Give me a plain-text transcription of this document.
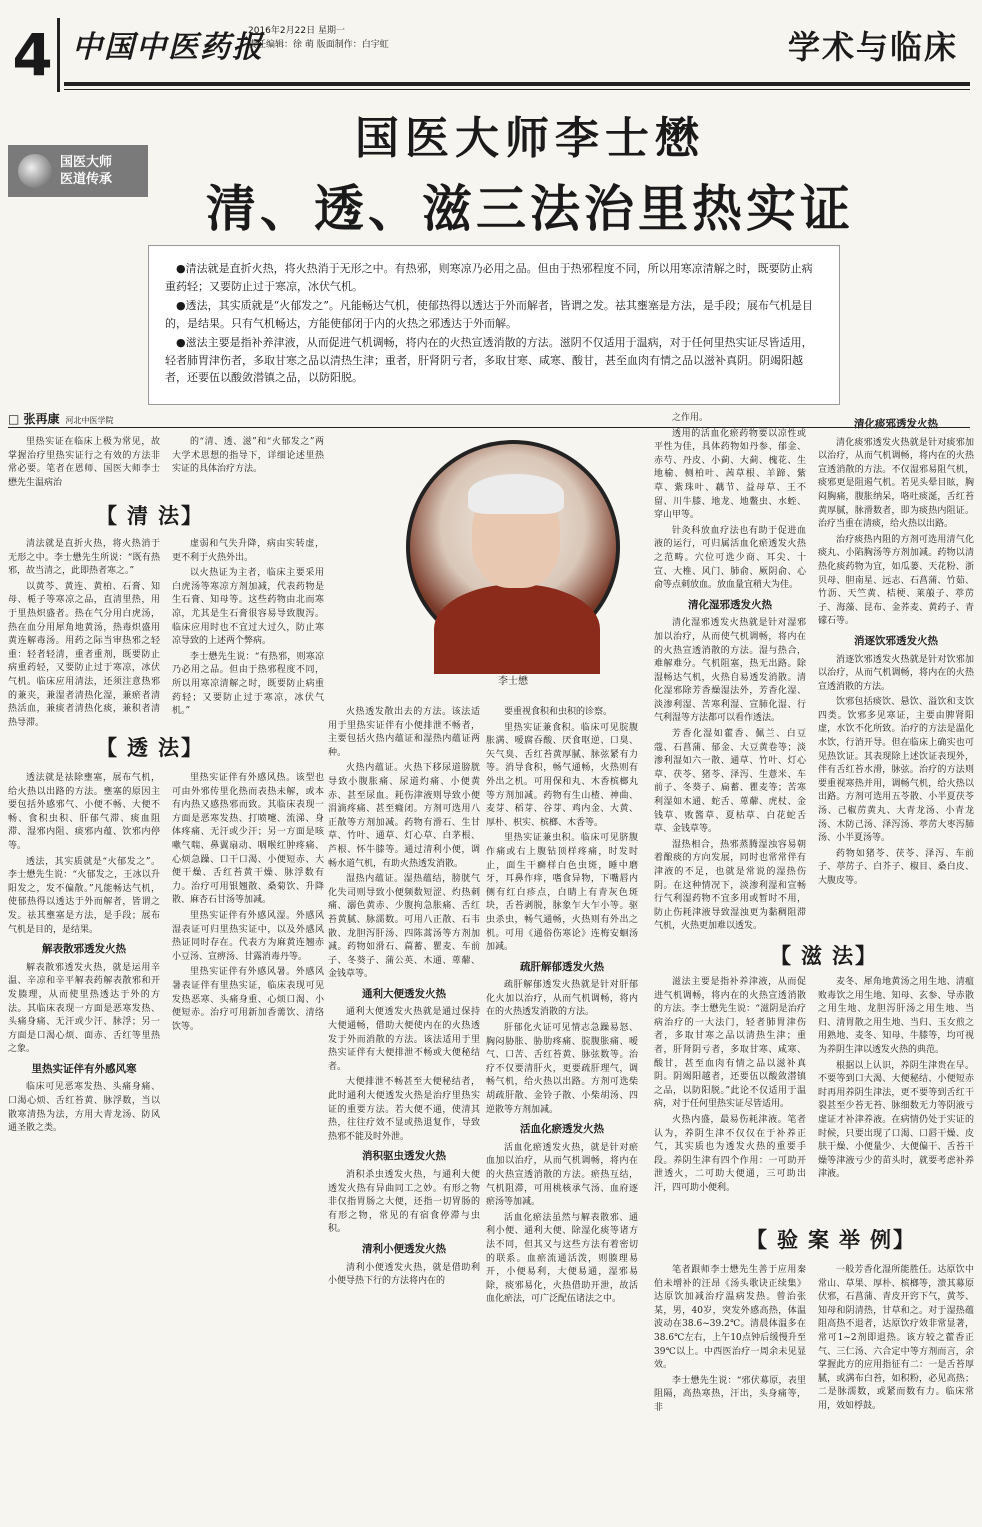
4 中国中医药报
2016年2月22日 星期一
责任编辑：徐 萌 版面制作：白宇虹	学术与临床
国医大师
医道传承
国医大师李士懋
清、透、滋三法治里热实证

●清法就是直折火热，将火热消于无形之中。有热邪，则寒凉乃必用之品。但由于热邪程度不同，所以用寒凉清解之时，既要防止病重药轻；又要防止过于寒凉，冰伏气机。

●透法，其实质就是“火郁发之”。凡能畅达气机，使郁热得以透达于外而解者，皆谓之发。祛其壅塞是方法，是手段；展布气机是目的，是结果。只有气机畅达，方能使郁闭于内的火热之邪透达于外而解。

●滋法主要是指补养津液，从而促进气机调畅，将内在的火热宣透消散的方法。滋阴不仅适用于温病，对于任何里热实证尽皆适用，轻者肺胃津伤者，多取甘寒之品以清热生津；重者，肝肾阴亏者，多取甘寒、咸寒、酸甘，甚至血肉有情之品以滋补真阴。阴竭阳越者，还要伍以酸敛潜镇之品，以防阳脱。

□ 张再康 河北中医学院

里热实证在临床上极为常见，故掌握治疗里热实证行之有效的方法非常必要。笔者在恩师、国医大师李士懋先生温病治

【 清法 】

清法就是直折火热，将火热消于无形之中。李士懋先生所说：“既有热邪，故当清之，此即热者寒之。”

以黄芩、黄连、黄柏、石膏、知母、栀子等寒凉之品，直清里热，用于里热炽盛者。热在气分用白虎汤，热在血分用犀角地黄汤，热毒炽盛用黄连解毒汤。用药之际当审热邪之轻重：轻者轻清，重者重剂，既要防止病重药轻，又要防止过于寒凉，冰伏气机。临床应用清法，还须注意热邪的兼夹，兼湿者清热化湿，兼瘀者清热活血，兼痰者清热化痰，兼积者清热导滞。

【 透法 】

透法就是祛除壅塞，展布气机，给火热以出路的方法。壅塞的原因主要包括外感邪气、小便不畅、大便不畅、食积虫积、肝郁气滞、痰血阻滞、湿邪内阻、痰邪内蕴、饮邪内停等。

透法，其实质就是“火郁发之”。李士懋先生说：“火郁发之，王冰以升阳发之，发不偏散。”凡能畅达气机，使郁热得以透达于外而解者，皆谓之发。祛其壅塞是方法，是手段；展布气机是目的，是结果。

解表散邪透发火热

解表散邪透发火热，就是运用辛温、辛凉和辛平解表药解表散邪和开发腠理，从而使里热透达于外的方法。其临床表现一方面是恶寒发热、头痛身痛、无汗或少汗、脉浮；另一方面是口渴心烦、面赤、舌红等里热之象。

里热实证伴有外感风寒

临床可见恶寒发热、头痛身痛、口渴心烦、舌红苔黄、脉浮数，当以散寒清热为法，方用大青龙汤、防风通圣散之类。

的“清、透、滋”和“火郁发之”两大学术思想的指导下，详细论述里热实证的具体治疗方法。

虚弱和气失升降，病由实转虚，更不利于火热外出。

以火热证为主者，临床主要采用白虎汤等寒凉方剂加减，代表药物是生石膏、知母等。这些药物由北而寒凉，尤其是生石膏很容易导致腹泻。临床应用时也不宜过大过久，防止寒凉导致的上述两个弊病。

李士懋先生说：“有热邪，则寒凉乃必用之品。但由于热邪程度不同，所以用寒凉清解之时，既要防止病重药轻；又要防止过于寒凉，冰伏气机。”

里热实证伴有外感风热。该型也可由外邪传里化热而表热未解，或本有内热又感热邪而致。其临床表现一方面是恶寒发热、打喷嚏、流涕、身体疼痛、无汗或少汗；另一方面是咳嗽气喘、鼻翼扇动、咽喉红肿疼痛、心烦急躁、口干口渴、小便短赤、大便干燥、舌红苔黄干燥、脉浮数有力。治疗可用银翘散、桑菊饮、升降散、麻杏石甘汤等加减。

里热实证伴有外感风湿。外感风湿表证可归里热实证中，以及外感风热证同时存在。代表方为麻黄连翘赤小豆汤、宣痹汤、甘露消毒丹等。

里热实证伴有外感风暑。外感风暑表证伴有里热实证，临床表现可见发热恶寒、头痛身重、心烦口渴、小便短赤。治疗可用新加香薷饮、清络饮等。

李士懋

火热透发散出去的方法。该法适用于里热实证伴有小便排泄不畅者，主要包括火热内蕴证和湿热内蕴证两种。

火热内蕴证。火热下移尿道膀胱导致小腹胀痛、尿道灼痛、小便黄赤、甚至尿血。耗伤津液则导致小便涓滴疼痛、甚至癃闭。方剂可选用八正散等方剂加减。药物有滑石、生甘草、竹叶、通草、灯心草、白茅根、芦根、怀牛膝等。通过清利小便，调畅水道气机，有助火热透发消散。

湿热内蕴证。湿热蕴结，膀胱气化失司则导致小便频数短涩、灼热刺痛、溺色黄赤、少腹拘急胀痛、舌红苔黄腻、脉濡数。可用八正散、石韦散、龙胆泻肝汤、四陈蒿汤等方剂加减。药物如滑石、萹蓄、瞿麦、车前子、冬葵子、蒲公英、木通、萆薢、金钱草等。

通利大便透发火热

通利大便透发火热就是通过保持大便通畅，借助大便使内在的火热透发于外而消散的方法。该法适用于里热实证伴有大便排泄不畅或大便秘结者。

大便排泄不畅甚至大便秘结者，此时通利大便透发火热是治疗里热实证的重要方法。若大便不通，使清其热，往往疗效不显或热退复作，导致热邪不能及时外泄。

消积驱虫透发火热

消积杀虫透发火热，与通利大便透发火热有异曲同工之妙。有形之物非仅指胃肠之大便，还指一切胃肠的有形之物，常见的有宿食停滞与虫积。

清利小便透发火热

清利小便透发火热，就是借助利小便导热下行的方法将内在的

要重视食积和虫积的诊察。

里热实证兼食积。临床可见脘腹胀满、嗳腐吞酸、厌食呕逆、口臭、矢气臭、舌红苔黄厚腻、脉弦紧有力等。消导食积，畅气通畅，火热则有外出之机。可用保和丸、木香槟榔丸等方剂加减。药物有生山楂、神曲、麦芽、稻芽、谷芽、鸡内金、大黄、厚朴、枳实、槟榔、木香等。

里热实证兼虫积。临床可见脐腹作痛或右上腹钻顶样疼痛，时发时止，面生干癣样白色虫斑，睡中磨牙，耳鼻作痒，嗜食异物，下嘴唇内侧有红白疹点，白睛上有青灰色斑块，舌苔剥脱，脉象乍大乍小等。驱虫杀虫，畅气通畅，火热则有外出之机。可用《通俗伤寒论》连梅安蛔汤加减。

疏肝解郁透发火热

疏肝解郁透发火热就是针对肝郁化火加以治疗，从而气机调畅，将内在的火热透发消散的方法。

肝郁化火证可见情志急躁易怒、胸闷胁胀、胁肋疼痛、脘腹胀痛、嗳气、口苦、舌红苔黄、脉弦数等。治疗不仅要清肝火，更要疏肝理气，调畅气机，给火热以出路。方剂可选柴胡疏肝散、金铃子散、小柴胡汤、四逆散等方剂加减。

活血化瘀透发火热

活血化瘀透发火热，就是针对瘀血加以治疗，从而气机调畅，将内在的火热宣透消散的方法。瘀热互结，气机阻滞，可用桃核承气汤、血府逐瘀汤等加减。

活血化瘀法虽然与解表散邪、通利小便、通利大便、除湿化痰等诸方法不同，但其又与这些方法有着密切的联系。血瘀流通活泼，则腠理易开，小便易利，大便易通，湿邪易除，痰邪易化，火热借助开泄，故活血化瘀法，可广泛配伍诸法之中。

之作用。

透用的活血化瘀药物要以凉性或平性为佳，具体药物如丹参、郁金、赤芍、丹皮、小蓟、大蓟、槐花、生地榆、侧柏叶、茜草根、羊蹄、紫草、紫珠叶、藕节、益母草、王不留、川牛膝、地龙、地鳖虫、水蛭、穿山甲等。

针灸科放血疗法也有助于促进血液的运行，可归属活血化瘀透发火热之范畴。穴位可选少商、耳尖、十宣、大椎、风门、肺俞、厥阴俞、心俞等点刺放血。放血量宜稍大为佳。

清化湿邪透发火热

清化湿邪透发火热就是针对湿邪加以治疗，从而使气机调畅，将内在的火热宣透消散的方法。湿与热合，难解难分。气机阻塞，热无出路。除湿畅达气机，火热自易透发消散。清化湿邪除芳香燥湿法外，芳香化湿、淡渗利湿、苦寒利湿、宣肺化湿、行气利湿等方法都可以看作透法。

芳香化湿如藿香、佩兰、白豆蔻、石菖蒲、郁金、大豆黄卷等；淡渗利湿如六一散、通草、竹叶、灯心草、茯苓、猪苓、泽泻、生薏米、车前子、冬葵子、扁蓄、瞿麦等；苦寒利湿如木通、蛇舌、萆薢、虎杖、金钱草、败酱草、夏枯草、白花蛇舌草、金钱草等。

湿热相合，热邪蒸腾湿浊容易朝着酿痰的方向发展，同时也常常伴有津液的不足，也就是常说的湿热伤阴。在这种情况下，淡渗利湿和宣畅行气利湿药物不宜多用或暂时不用，防止伤耗津液导致湿浊更为黏稠阻滞气机，火热更加难以透发。

清化痰邪透发火热

清化痰邪透发火热就是针对痰邪加以治疗，从而气机调畅，将内在的火热宣透消散的方法。不仅湿邪易阻气机，痰邪更是阻遏气机。若见头晕目眩，胸闷胸痛，腹胀纳呆，咯吐痰涎，舌红苔黄厚腻，脉滑数者，即为痰热内阻证。治疗当重在清痰，给火热以出路。

治疗痰热内阻的方剂可选用清气化痰丸、小陷胸汤等方剂加减。药物以清热化痰药物为宜，如瓜蒌、天花粉、浙贝母、胆南星、远志、石菖蒲、竹茹、竹沥、天竺黄、桔梗、莱菔子、葶苈子、海藻、昆布、金荞麦、黄药子、青礞石等。

消逐饮邪透发火热

消逐饮邪透发火热就是针对饮邪加以治疗，从而气机调畅，将内在的火热宣透消散的方法。

饮邪包括痰饮、悬饮、溢饮和支饮四类。饮邪多见寒证，主要由脾肾阳虚，水饮不化所致。治疗的方法是温化水饮，行消开导。但在临床上确实也可见热饮证。其表现除上述饮证表现外，伴有舌红苔水滑，脉弦。治疗的方法则要重视寒热并用，调畅气机，给火热以出路。方剂可选用五苓散、小半夏茯苓汤、己椒苈黄丸、大青龙汤、小青龙汤、木防己汤、泽泻汤、葶苈大枣泻肺汤、小半夏汤等。

药物如猪苓、茯苓、泽泻、车前子、葶苈子、白芥子、椒目、桑白皮、大腹皮等。

【 滋法 】

滋法主要是指补养津液，从而促进气机调畅，将内在的火热宣透消散的方法。李士懋先生说：“滋阴是治疗病治疗的一大法门，轻者肺胃津伤者，多取甘寒之品以清热生津；重者，肝肾阴亏者，多取甘寒、咸寒、酸甘，甚至血肉有情之品以滋补真阴。阴竭阳越者，还要伍以酸敛潜镇之品，以防阳脱。”此论不仅适用于温病，对于任何里热实证尽皆适用。

火热内盛，最易伤耗津液。笔者认为，养阴生津不仅仅在于补养正气，其实质也为透发火热的重要手段。养阴生津有四个作用：一可助开泄透火，二可助大便通，三可助出汗，四可助小便利。

麦冬、犀角地黄汤之用生地、清瘟败毒饮之用生地、知母、玄参、导赤散之用生地、龙胆泻肝汤之用生地、当归、清胃散之用生地、当归、玉女煎之用熟地、麦冬、知母、牛膝等，均可视为养阴生津以透发火热的典范。

根据以上认识，养阴生津贵在早。不要等到口大渴、大便秘结、小便短赤时再用养阴生津法，更不要等到舌红干裂甚至少苔无苔、脉细数无力等阴液亏虚证才补津养液。在病情仍处于实证的时候，只要出现了口渴、口唇干燥、皮肤干燥、小便量少、大便偏干、舌苔干燥等津液亏少的苗头时，就要考虑补养津液。

【 验案举例 】

笔者跟师李士懋先生善于应用秦伯未增补的汪昂《汤头歌诀正续集》达原饮加减治疗温病发热。曾治张某，男，40岁，突发外感高热，体温波动在38.6~39.2℃。清晨体温多在38.6℃左右，上午10点钟后缓慢升至39℃以上。中西医治疗一周余未见显效。

李士懋先生说：“邪伏募原，表里阻隔，高热寒热，汗出，头身痛等，非

一般芳香化湿所能胜任。达原饮中常山、草果、厚朴、槟榔等，溃其募原伏邪，石菖蒲、青皮开窍下气，黄芩、知母和阴清热，甘草和之。对于湿热蕴阻高热不退者，达原饮疗效非常显著，常可1~2剂即退热。该方较之藿香正气、三仁汤、六合定中等方剂而言，余掌握此方的应用指征有二：一是舌苔厚腻，或满布白苔，如积粉，必见高热；二是脉濡数，或紧而数有力。临床常用，效如桴鼓。
